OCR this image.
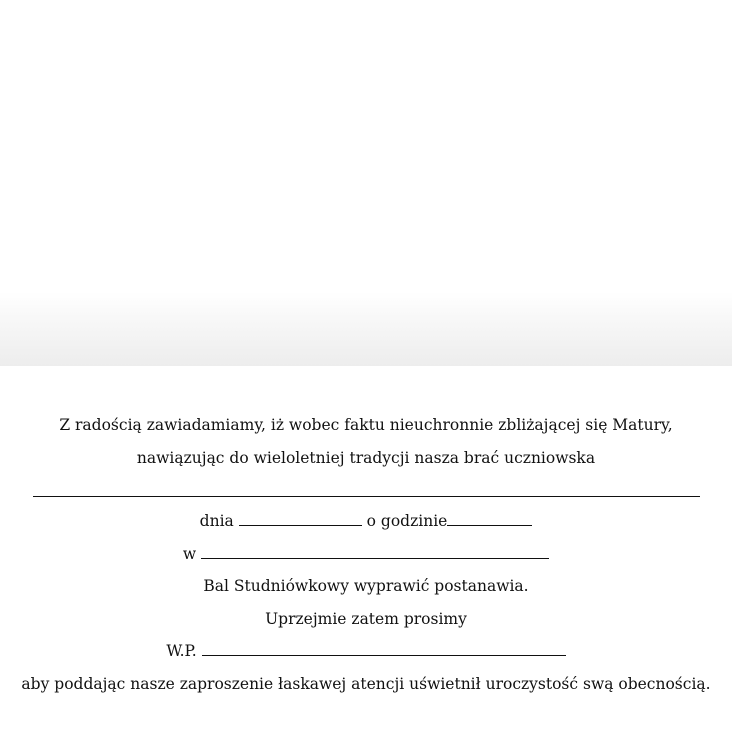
Z radością zawiadamiamy, iż wobec faktu nieuchronnie zbliżającej się Matury,
nawiązując do wieloletniej tradycji nasza brać uczniowska
dnia	o godzinie
w
Bal Studniówkowy wyprawić postanawia.
Uprzejmie zatem prosimy
W.P.
aby poddając nasze zaproszenie łaskawej atencji uświetnił uroczystość swą obecnością.
